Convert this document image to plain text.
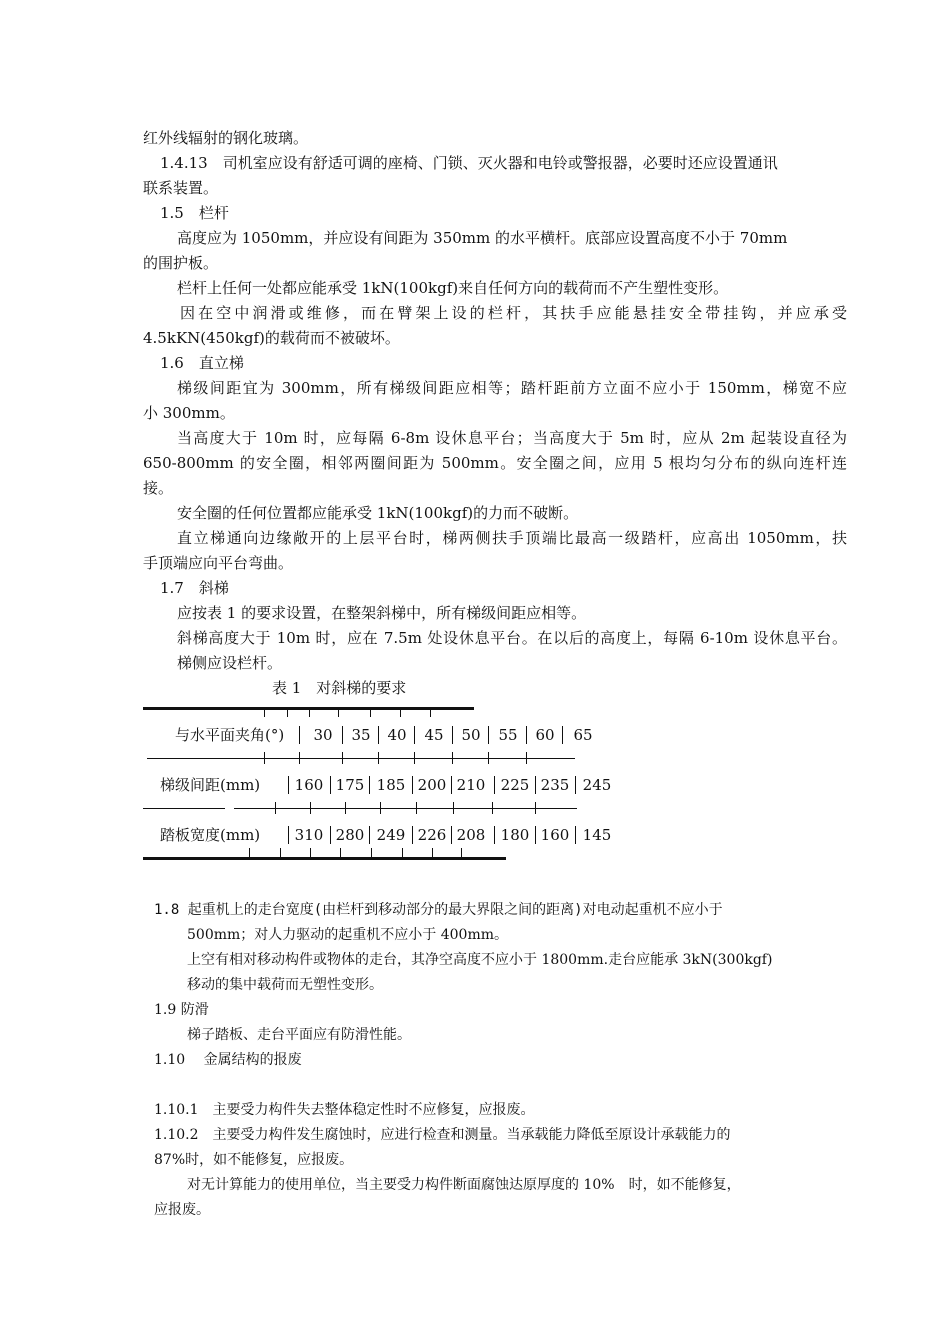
红外线辐射的钢化玻璃。
1.4.13　司机室应设有舒适可调的座椅、门锁、灭火器和电铃或警报器，必要时还应设置通讯
联系装置。
1.5　栏杆
高度应为 1050mm，并应设有间距为 350mm 的水平横杆。底部应设置高度不小于 70mm
的围护板。
栏杆上任何一处都应能承受 1kN(100kgf)来自任何方向的载荷而不产生塑性变形。
因在空中润滑或维修，而在臂架上设的栏杆，其扶手应能悬挂安全带挂钩，并应承受
4.5kKN(450kgf)的载荷而不被破坏。
1.6　直立梯
梯级间距宜为 300mm，所有梯级间距应相等；踏杆距前方立面不应小于 150mm，梯宽不应
小 300mm。
当高度大于 10m 时，应每隔 6-8m 设休息平台；当高度大于 5m 时，应从 2m 起装设直径为
650-800mm 的安全圈，相邻两圈间距为 500mm。安全圈之间，应用 5 根均匀分布的纵向连杆连
接。
安全圈的任何位置都应能承受 1kN(100kgf)的力而不破断。
直立梯通向边缘敞开的上层平台时，梯两侧扶手顶端比最高一级踏杆，应高出 1050mm，扶
手顶端应向平台弯曲。
1.7　斜梯
应按表 1 的要求设置，在整架斜梯中，所有梯级间距应相等。
斜梯高度大于 10m 时，应在 7.5m 处设休息平台。在以后的高度上，每隔 6-10m 设休息平台。
梯侧应设栏杆。
表 1　对斜梯的要求
与水平面夹角(°)	30	35	40	45	50	55	60	65
梯级间距(mm) 160 175 185 200 210 225 235 245
踏板宽度(mm) 310 280 249 226 208 180 160 145
1.8 起重机上的走台宽度(由栏杆到移动部分的最大界限之间的距离)对电动起重机不应小于
500mm；对人力驱动的起重机不应小于 400mm。
上空有相对移动构件或物体的走台，其净空高度不应小于 1800mm.走台应能承 3kN(300kgf)
移动的集中载荷而无塑性变形。
1.9 防滑
梯子踏板、走台平面应有防滑性能。
1.10　 金属结构的报废
1.10.1　主要受力构件失去整体稳定性时不应修复，应报废。
1.10.2　主要受力构件发生腐蚀时，应进行检查和测量。当承载能力降低至原设计承载能力的
87%时，如不能修复，应报废。
对无计算能力的使用单位，当主要受力构件断面腐蚀达原厚度的 10%　时，如不能修复，
应报废。
